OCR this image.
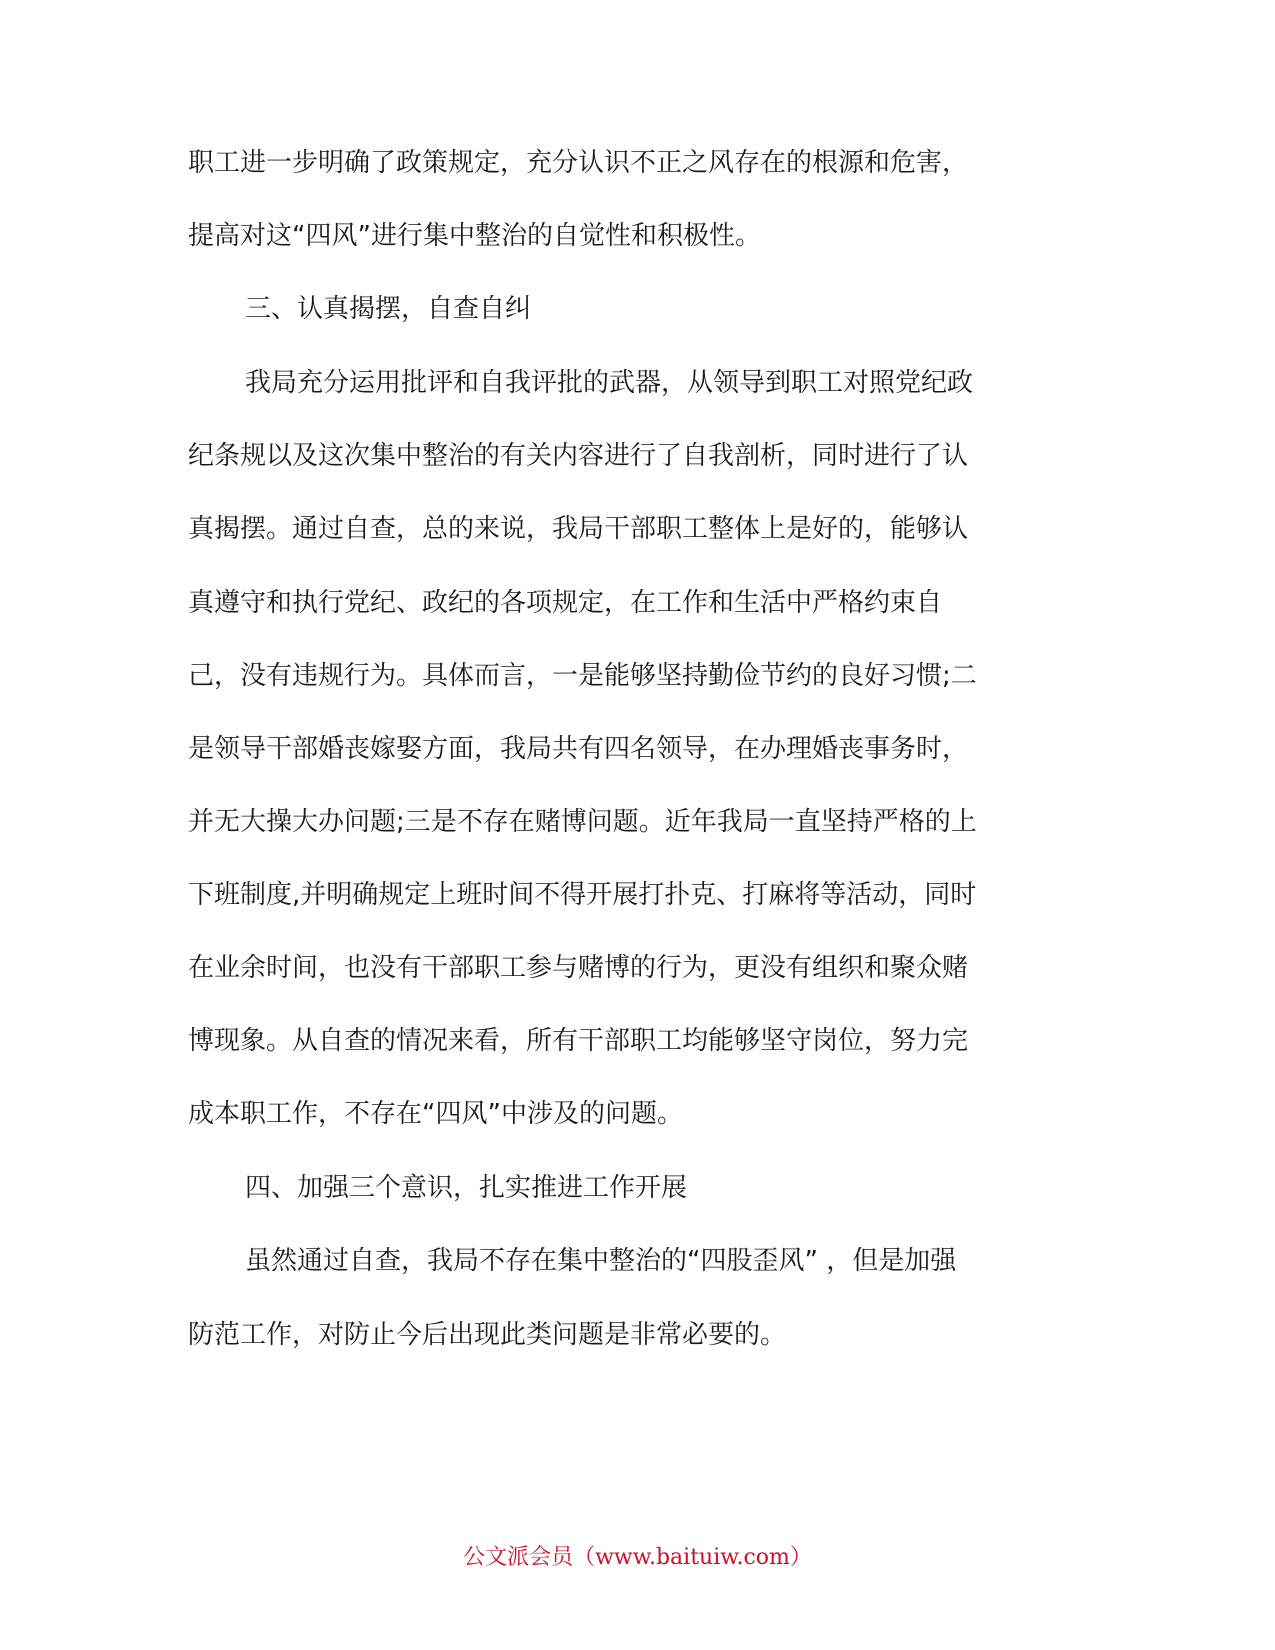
职工进一步明确了政策规定，充分认识不正之风存在的根源和危害，
提高对这“四风”进行集中整治的自觉性和积极性。
三、认真揭摆，自查自纠
我局充分运用批评和自我评批的武器，从领导到职工对照党纪政
纪条规以及这次集中整治的有关内容进行了自我剖析，同时进行了认
真揭摆。通过自查，总的来说，我局干部职工整体上是好的，能够认
真遵守和执行党纪、政纪的各项规定，在工作和生活中严格约束自
己，没有违规行为。具体而言，一是能够坚持勤俭节约的良好习惯;二
是领导干部婚丧嫁娶方面，我局共有四名领导，在办理婚丧事务时，
并无大操大办问题;三是不存在赌博问题。近年我局一直坚持严格的上
下班制度,并明确规定上班时间不得开展打扑克、打麻将等活动，同时
在业余时间，也没有干部职工参与赌博的行为，更没有组织和聚众赌
博现象。从自查的情况来看，所有干部职工均能够坚守岗位，努力完
成本职工作，不存在“四风”中涉及的问题。
四、加强三个意识，扎实推进工作开展
虽然通过自查，我局不存在集中整治的“四股歪风” ，但是加强
防范工作，对防止今后出现此类问题是非常必要的。
公文派会员（www.baituiw.com）
